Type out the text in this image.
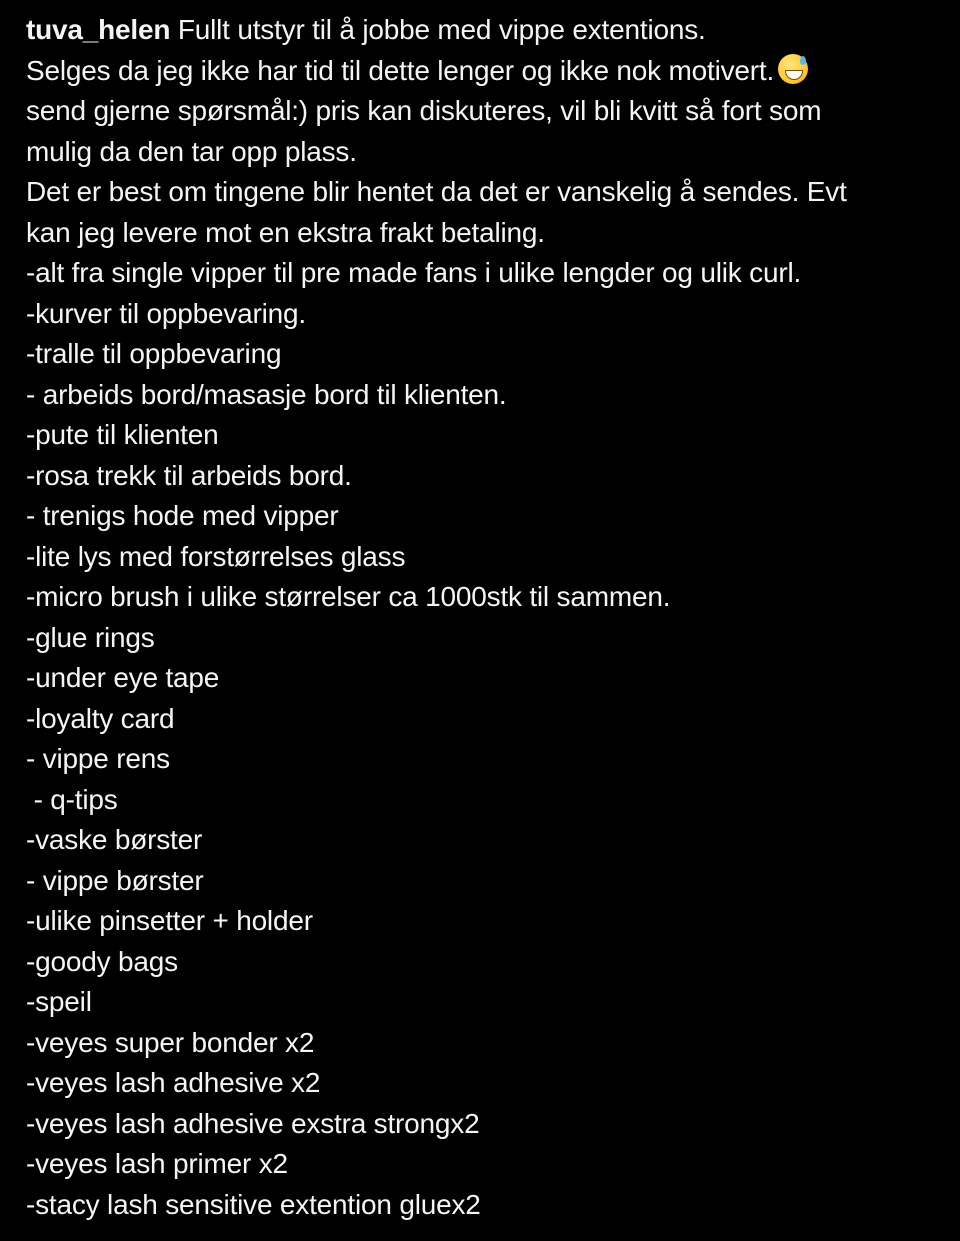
tuva_helen Fullt utstyr til å jobbe med vippe extentions.
Selges da jeg ikke har tid til dette lenger og ikke nok motivert.
send gjerne spørsmål:) pris kan diskuteres, vil bli kvitt så fort som
mulig da den tar opp plass.
Det er best om tingene blir hentet da det er vanskelig å sendes. Evt
kan jeg levere mot en ekstra frakt betaling.
-alt fra single vipper til pre made fans i ulike lengder og ulik curl.
-kurver til oppbevaring.
-tralle til oppbevaring
- arbeids bord/masasje bord til klienten.
-pute til klienten
-rosa trekk til arbeids bord.
- trenigs hode med vipper
-lite lys med forstørrelses glass
-micro brush i ulike størrelser ca 1000stk til sammen.
-glue rings
-under eye tape
-loyalty card
- vippe rens
- q-tips
-vaske børster
- vippe børster
-ulike pinsetter + holder
-goody bags
-speil
-veyes super bonder x2
-veyes lash adhesive x2
-veyes lash adhesive exstra strongx2
-veyes lash primer x2
-stacy lash sensitive extention gluex2
